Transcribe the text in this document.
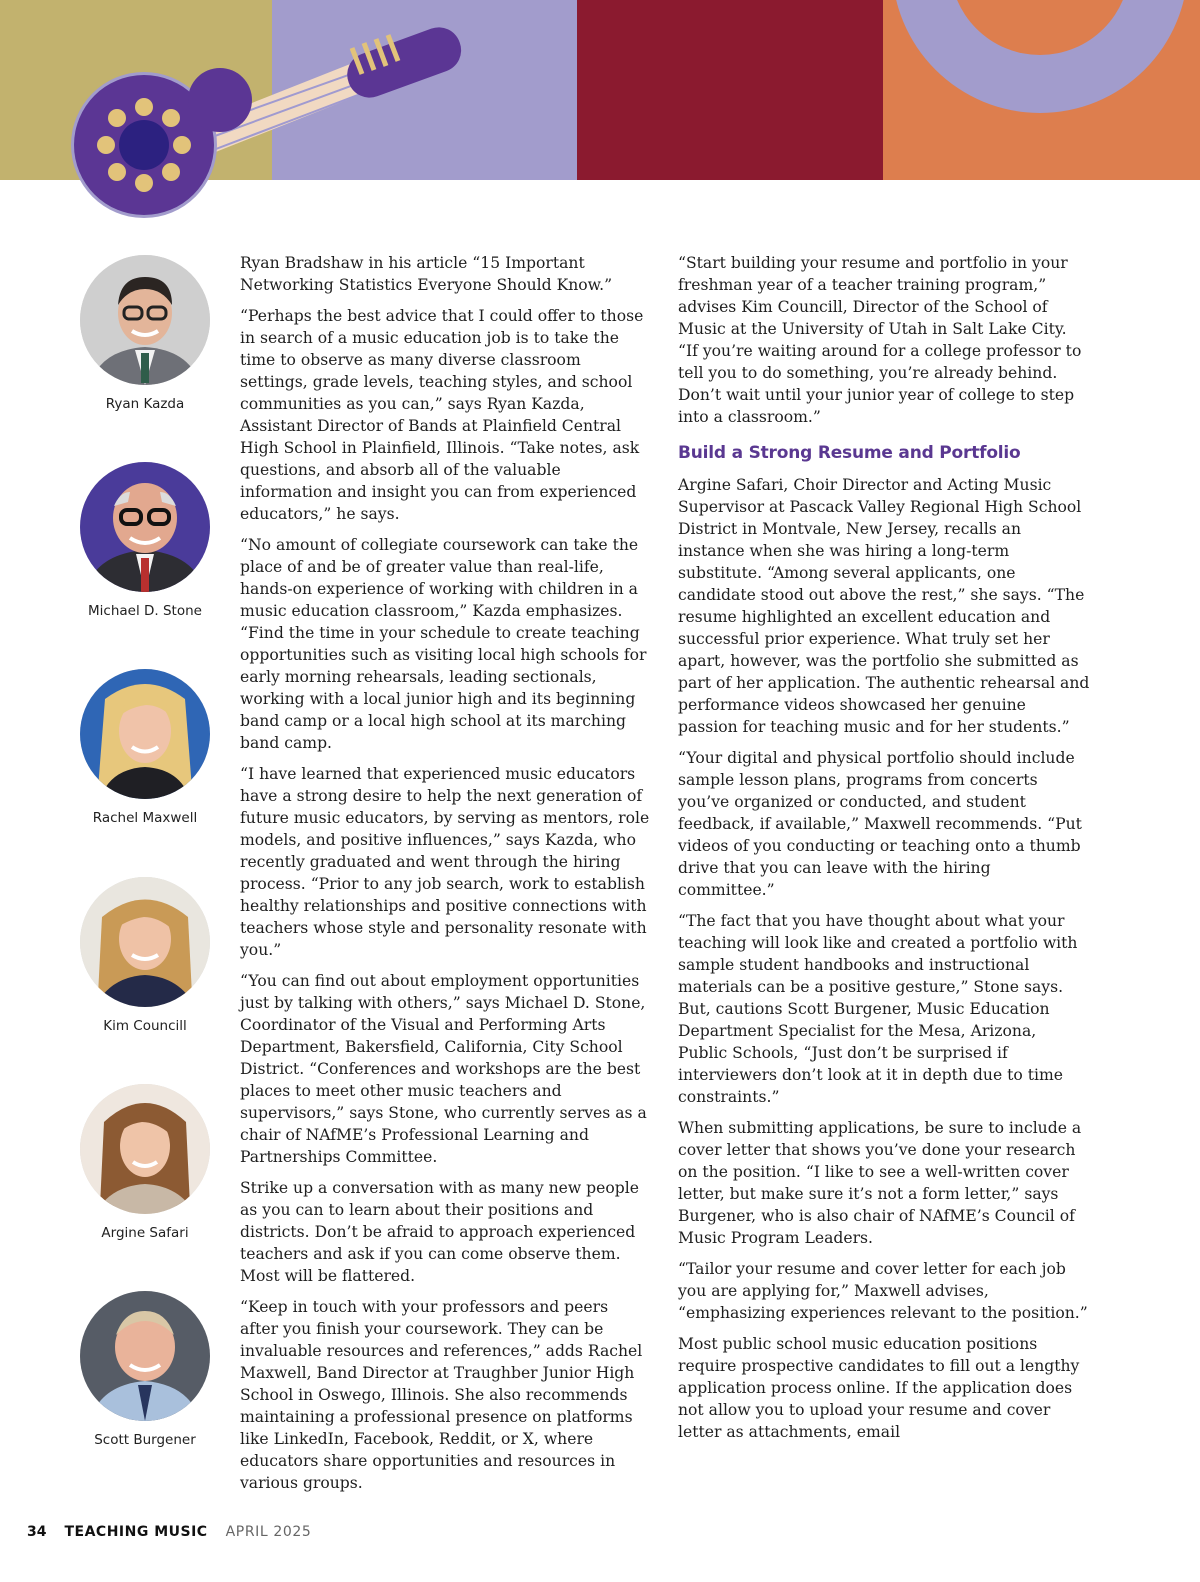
Ryan Kazda
Michael D. Stone
Rachel Maxwell
Kim Councill
Argine Safari
Scott Burgener

Ryan Bradshaw in his article “15 Important Networking Statistics Everyone Should Know.”

“Perhaps the best advice that I could offer to those in search of a music education job is to take the time to observe as many diverse classroom settings, grade levels, teaching styles, and school communities as you can,” says Ryan Kazda, Assistant Director of Bands at Plainfield Central High School in Plainfield, Illinois. “Take notes, ask questions, and absorb all of the valuable information and insight you can from experienced educators,” he says.

“No amount of collegiate coursework can take the place of and be of greater value than real-life, hands-on experience of working with children in a music education classroom,” Kazda emphasizes. “Find the time in your schedule to create teaching opportunities such as visiting local high schools for early morning rehearsals, leading sectionals, working with a local junior high and its beginning band camp or a local high school at its marching band camp.

“I have learned that experienced music educators have a strong desire to help the next generation of future music educators, by serving as mentors, role models, and positive influences,” says Kazda, who recently graduated and went through the hiring process. “Prior to any job search, work to establish healthy relationships and positive connections with teachers whose style and personality resonate with you.”

“You can find out about employment opportunities just by talking with others,” says Michael D. Stone, Coordinator of the Visual and Performing Arts Department, Bakersfield, California, City School District. “Conferences and workshops are the best places to meet other music teachers and supervisors,” says Stone, who currently serves as a chair of NAfME’s Professional Learning and Partnerships Committee.

Strike up a conversation with as many new people as you can to learn about their positions and districts. Don’t be afraid to approach experienced teachers and ask if you can come observe them. Most will be flattered.

“Keep in touch with your professors and peers after you finish your coursework. They can be invaluable resources and references,” adds Rachel Maxwell, Band Director at Traughber Junior High School in Oswego, Illinois. She also recommends maintaining a professional presence on platforms like LinkedIn, Facebook, Reddit, or X, where educators share opportunities and resources in various groups.

“Start building your resume and portfolio in your freshman year of a teacher training program,” advises Kim Councill, Director of the School of Music at the University of Utah in Salt Lake City. “If you’re waiting around for a college professor to tell you to do something, you’re already behind. Don’t wait until your junior year of college to step into a classroom.”

Build a Strong Resume and Portfolio

Argine Safari, Choir Director and Acting Music Supervisor at Pascack Valley Regional High School District in Montvale, New Jersey, recalls an instance when she was hiring a long-term substitute. “Among several applicants, one candidate stood out above the rest,” she says. “The resume highlighted an excellent education and successful prior experience. What truly set her apart, however, was the portfolio she submitted as part of her application. The authentic rehearsal and performance videos showcased her genuine passion for teaching music and for her students.”

“Your digital and physical portfolio should include sample lesson plans, programs from concerts you’ve organized or conducted, and student feedback, if available,” Maxwell recommends. “Put videos of you conducting or teaching onto a thumb drive that you can leave with the hiring committee.”

“The fact that you have thought about what your teaching will look like and created a portfolio with sample student handbooks and instructional materials can be a positive gesture,” Stone says. But, cautions Scott Burgener, Music Education Department Specialist for the Mesa, Arizona, Public Schools, “Just don’t be surprised if interviewers don’t look at it in depth due to time constraints.”

When submitting applications, be sure to include a cover letter that shows you’ve done your research on the position. “I like to see a well-written cover letter, but make sure it’s not a form letter,” says Burgener, who is also chair of NAfME’s Council of Music Program Leaders.

“Tailor your resume and cover letter for each job you are applying for,” Maxwell advises, “emphasizing experiences relevant to the position.”

Most public school music education positions require prospective candidates to fill out a lengthy application process online. If the application does not allow you to upload your resume and cover letter as attachments, email

34 TEACHING MUSIC APRIL 2025
